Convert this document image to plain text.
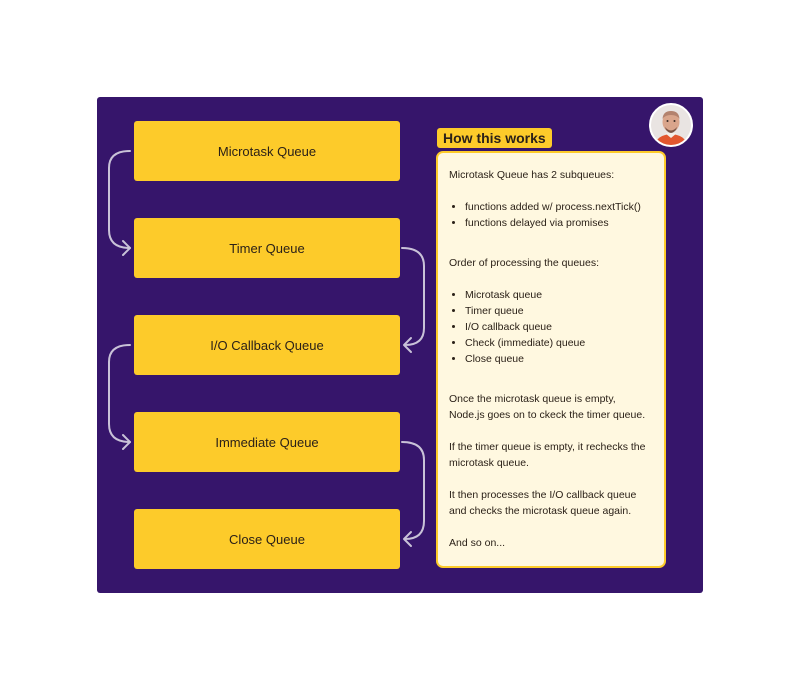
Microtask Queue
Timer Queue
I/O Callback Queue
Immediate Queue
Close Queue
How this works

Microtask Queue has 2 subqueues:

• functions added w/ process.nextTick()
• functions delayed via promises

Order of processing the queues:

• Microtask queue
• Timer queue
• I/O callback queue
• Check (immediate) queue
• Close queue

Once the microtask queue is empty,

Node.js goes on to ckeck the timer queue.

If the timer queue is empty, it rechecks the

microtask queue.

It then processes the I/O callback queue

and checks the microtask queue again.

And so on...
